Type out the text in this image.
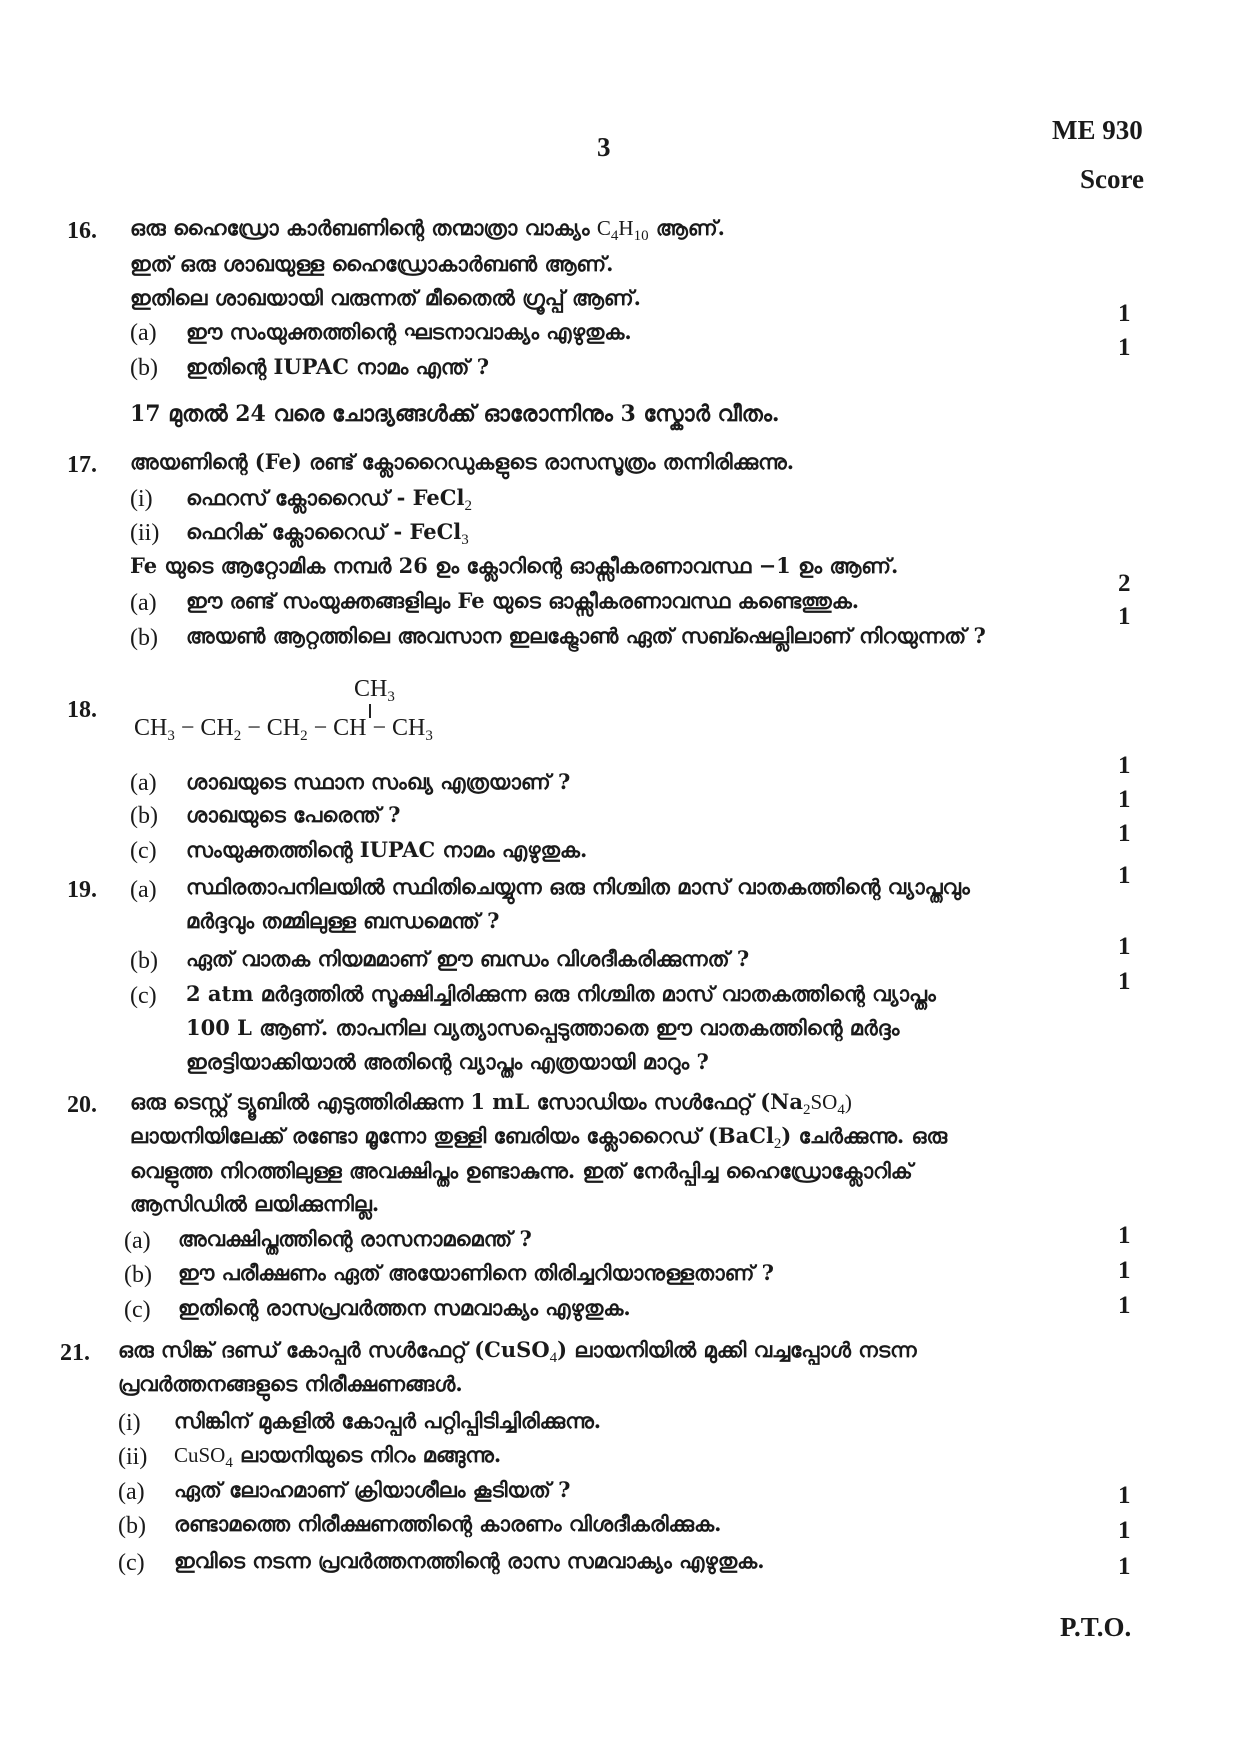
3
ME 930
Score
16. ഒരു ഹൈഡ്രോ കാർബണിന്റെ തന്മാത്രാ വാക്യം $C_4H_{10}$ ആണ്.
ഇത് ഒരു ശാഖയുള്ള ഹൈഡ്രോകാർബൺ ആണ്.
ഇതിലെ ശാഖയായി വരുന്നത് മീതൈൽ ഗ്രൂപ്പ് ആണ്.
(a) ഈ സംയുക്തത്തിന്റെ ഘടനാവാക്യം എഴുതുക.
1
(b) ഇതിന്റെ IUPAC നാമം എന്ത് ?
1
17 മുതൽ 24 വരെ ചോദ്യങ്ങൾക്ക് ഓരോന്നിനും 3 സ്കോർ വീതം.
17. അയണിന്റെ (Fe) രണ്ട് ക്ലോറൈഡുകളുടെ രാസസൂത്രം തന്നിരിക്കുന്നു.
(i) ഫെറസ് ക്ലോറൈഡ് - FeCl$_2$
(ii) ഫെറിക് ക്ലോറൈഡ് - FeCl$_3$
Fe യുടെ ആറ്റോമിക നമ്പർ 26 ഉം ക്ലോറിന്റെ ഓക്സീകരണാവസ്ഥ −1 ഉം ആണ്.
(a) ഈ രണ്ട് സംയുക്തങ്ങളിലും Fe യുടെ ഓക്സീകരണാവസ്ഥ കണ്ടെത്തുക.
2
(b) അയൺ ആറ്റത്തിലെ അവസാന ഇലക്ട്രോൺ ഏത് സബ്ഷെല്ലിലാണ് നിറയുന്നത് ?
1
18.
$CH_3$
$CH_3 - CH_2 - CH_2$ − CH − $CH_3$
(a) ശാഖയുടെ സ്ഥാന സംഖ്യ എത്രയാണ് ?
1
(b) ശാഖയുടെ പേരെന്ത് ?
1
(c) സംയുക്തത്തിന്റെ IUPAC നാമം എഴുതുക.
1
19. (a) സ്ഥിരതാപനിലയിൽ സ്ഥിതിചെയ്യുന്ന ഒരു നിശ്ചിത മാസ് വാതകത്തിന്റെ വ്യാപ്തവും
മർദ്ദവും തമ്മിലുള്ള ബന്ധമെന്ത് ?
1
(b) ഏത് വാതക നിയമമാണ് ഈ ബന്ധം വിശദീകരിക്കുന്നത് ?	1
(c) 2 atm മർദ്ദത്തിൽ സൂക്ഷിച്ചിരിക്കുന്ന ഒരു നിശ്ചിത മാസ് വാതകത്തിന്റെ വ്യാപ്തം
100 L ആണ്. താപനില വ്യത്യാസപ്പെടുത്താതെ ഈ വാതകത്തിന്റെ മർദ്ദം
ഇരട്ടിയാക്കിയാൽ അതിന്റെ വ്യാപ്തം എത്രയായി മാറും ?
1
20. ഒരു ടെസ്റ്റ് ട്യൂബിൽ എടുത്തിരിക്കുന്ന 1 mL സോഡിയം സൾഫേറ്റ് $(Na_2SO_4)$
ലായനിയിലേക്ക് രണ്ടോ മൂന്നോ തുള്ളി ബേരിയം ക്ലോറൈഡ് (BaCl$_2$) ചേർക്കുന്നു. ഒരു
വെളുത്ത നിറത്തിലുള്ള അവക്ഷിപ്തം ഉണ്ടാകുന്നു. ഇത് നേർപ്പിച്ച ഹൈഡ്രോക്ലോറിക്
ആസിഡിൽ ലയിക്കുന്നില്ല.
(a) അവക്ഷിപ്തത്തിന്റെ രാസനാമമെന്ത് ?	1
(b) ഈ പരീക്ഷണം ഏത് അയോണിനെ തിരിച്ചറിയാനുള്ളതാണ് ?	1
(c) ഇതിന്റെ രാസപ്രവർത്തന സമവാക്യം എഴുതുക.	1
21. ഒരു സിങ്ക് ദണ്ഡ് കോപ്പർ സൾഫേറ്റ് (CuSO$_4$) ലായനിയിൽ മുക്കി വച്ചപ്പോൾ നടന്ന
പ്രവർത്തനങ്ങളുടെ നിരീക്ഷണങ്ങൾ.
(i) സിങ്കിന് മുകളിൽ കോപ്പർ പറ്റിപ്പിടിച്ചിരിക്കുന്നു.
(ii) CuSO$_4$ ലായനിയുടെ നിറം മങ്ങുന്നു.
(a) ഏത് ലോഹമാണ് ക്രിയാശീലം കൂടിയത് ?	1
(b) രണ്ടാമത്തെ നിരീക്ഷണത്തിന്റെ കാരണം വിശദീകരിക്കുക.	1
(c) ഇവിടെ നടന്ന പ്രവർത്തനത്തിന്റെ രാസ സമവാക്യം എഴുതുക.	1
P.T.O.
